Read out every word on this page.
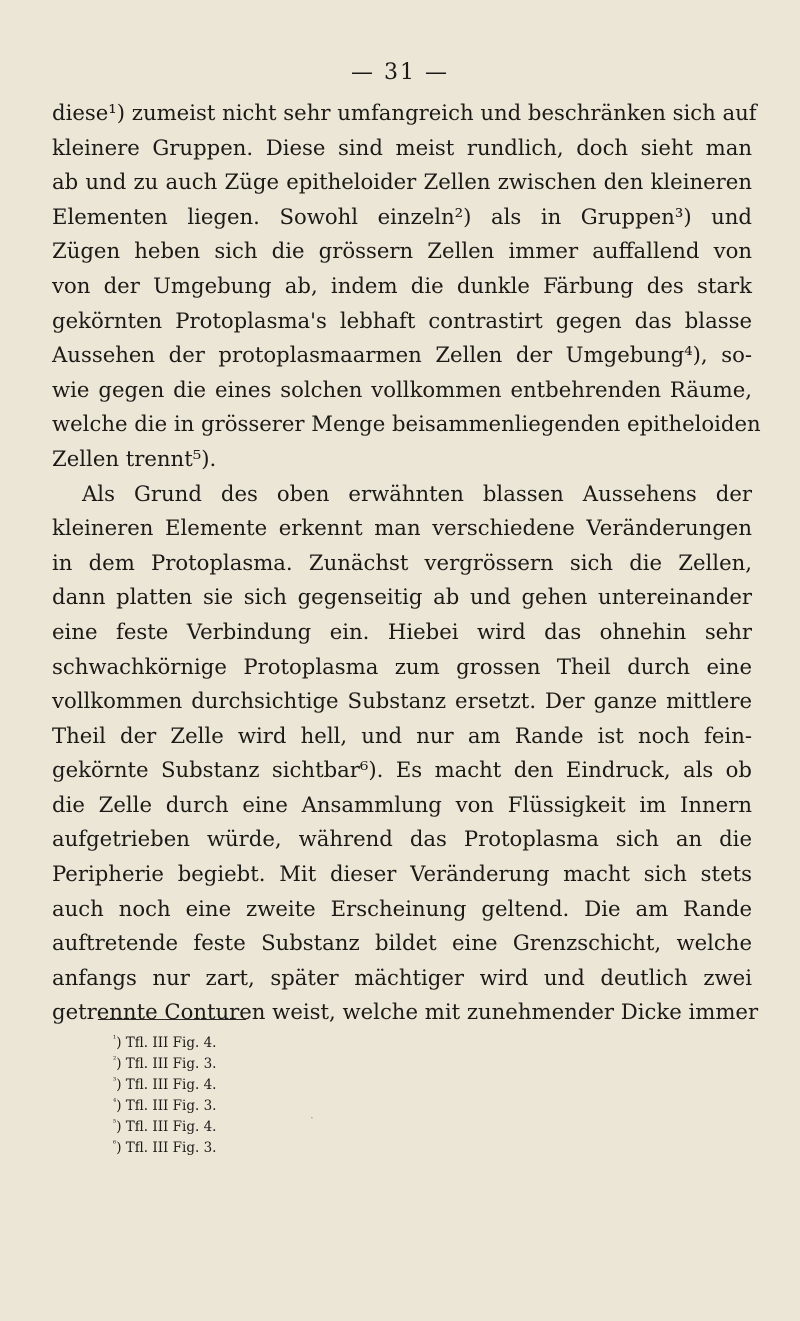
— 31 —
diese¹) zumeist nicht sehr umfangreich und beschränken sich auf
kleinere Gruppen. Diese sind meist rundlich, doch sieht man
ab und zu auch Züge epitheloider Zellen zwischen den kleineren
Elementen liegen. Sowohl einzeln²) als in Gruppen³) und
Zügen heben sich die grössern Zellen immer auffallend von
von der Umgebung ab, indem die dunkle Färbung des stark
gekörnten Protoplasma's lebhaft contrastirt gegen das blasse
Aussehen der protoplasmaarmen Zellen der Umgebung⁴), so-
wie gegen die eines solchen vollkommen entbehrenden Räume,
welche die in grösserer Menge beisammenliegenden epitheloiden
Zellen trennt⁵).
Als Grund des oben erwähnten blassen Aussehens der
kleineren Elemente erkennt man verschiedene Veränderungen
in dem Protoplasma. Zunächst vergrössern sich die Zellen,
dann platten sie sich gegenseitig ab und gehen untereinander
eine feste Verbindung ein. Hiebei wird das ohnehin sehr
schwachkörnige Protoplasma zum grossen Theil durch eine
vollkommen durchsichtige Substanz ersetzt. Der ganze mittlere
Theil der Zelle wird hell, und nur am Rande ist noch fein-
gekörnte Substanz sichtbar⁶). Es macht den Eindruck, als ob
die Zelle durch eine Ansammlung von Flüssigkeit im Innern
aufgetrieben würde, während das Protoplasma sich an die
Peripherie begiebt. Mit dieser Veränderung macht sich stets
auch noch eine zweite Erscheinung geltend. Die am Rande
auftretende feste Substanz bildet eine Grenzschicht, welche
anfangs nur zart, später mächtiger wird und deutlich zwei
getrennte Conturen weist, welche mit zunehmender Dicke immer
$^{^1}$) Tfl. III Fig. 4.
$^{^2}$) Tfl. III Fig. 3.
$^{^3}$) Tfl. III Fig. 4.
$^{^4}$) Tfl. III Fig. 3.
$^{^5}$) Tfl. III Fig. 4.
$^{^6}$) Tfl. III Fig. 3.
·
